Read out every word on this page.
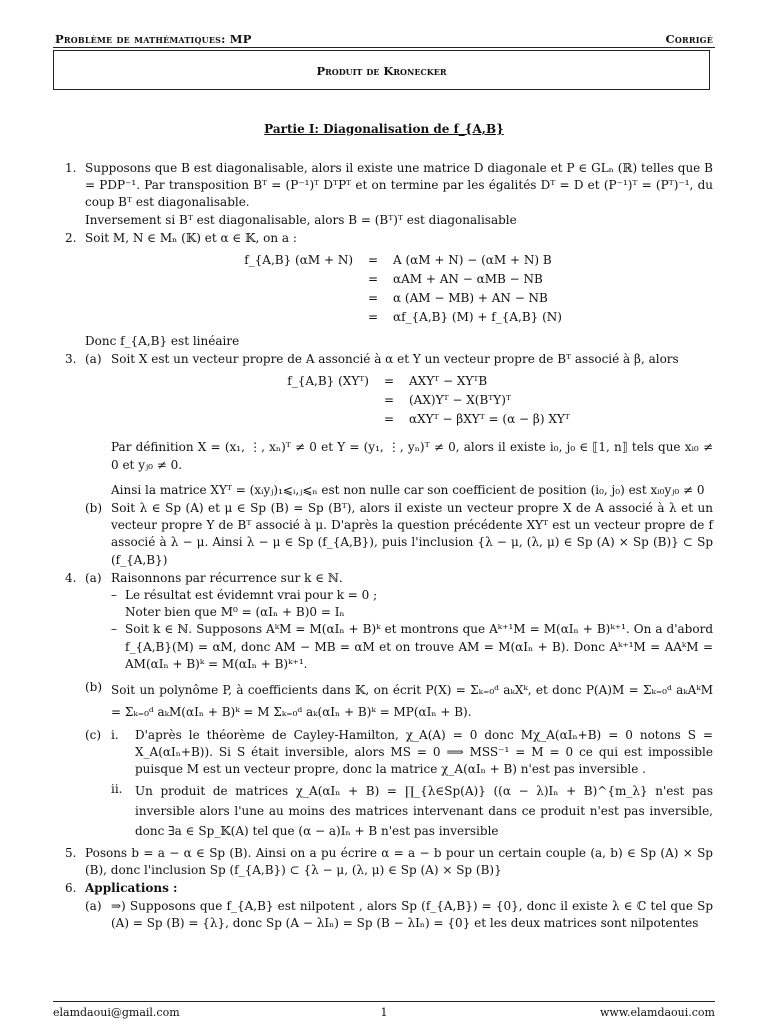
Problème de mathématiques: MP	Corrigé
Produit de Kronecker
Partie I: Diagonalisation de f_{A,B}
1. Supposons que B est diagonalisable, alors il existe une matrice D diagonale et P ∈ GLₙ (ℝ) telles que B = PDP⁻¹. Par transposition Bᵀ = (P⁻¹)ᵀ DᵀPᵀ et on termine par les égalités Dᵀ = D et (P⁻¹)ᵀ = (Pᵀ)⁻¹, du coup Bᵀ est diagonalisable.

Inversement si Bᵀ est diagonalisable, alors B = (Bᵀ)ᵀ est diagonalisable

2. Soit M, N ∈ Mₙ (𝕂) et α ∈ 𝕂, on a :

f_{A,B} (αM + N)	=	A (αM + N) − (αM + N) B
=	αAM + AN − αMB − NB
=	α (AM − MB) + AN − NB
=	αf_{A,B} (M) + f_{A,B} (N)

Donc f_{A,B} est linéaire

3. (a) Soit X est un vecteur propre de A assoncié à α et Y un vecteur propre de Bᵀ associé à β, alors

f_{A,B} (XYᵀ)	=	AXYᵀ − XYᵀB
=	(AX)Yᵀ − X(BᵀY)ᵀ
=	αXYᵀ − βXYᵀ = (α − β) XYᵀ

Par définition X = (x₁, ⋮, xₙ)ᵀ ≠ 0 et Y = (y₁, ⋮, yₙ)ᵀ ≠ 0, alors il existe i₀, j₀ ∈ ⟦1, n⟧ tels que xᵢ₀ ≠ 0 et yⱼ₀ ≠ 0.

Ainsi la matrice XYᵀ = (xᵢyⱼ)₁⩽ᵢ,ⱼ⩽ₙ est non nulle car son coefficient de position (i₀, j₀) est xᵢ₀yⱼ₀ ≠ 0

(b) Soit λ ∈ Sp (A) et μ ∈ Sp (B) = Sp (Bᵀ), alors il existe un vecteur propre X de A associé à λ et un vecteur propre Y de Bᵀ associé à μ. D'après la question précédente XYᵀ est un vecteur propre de f associé à λ − μ. Ainsi λ − μ ∈ Sp (f_{A,B}), puis l'inclusion {λ − μ, (λ, μ) ∈ Sp (A) × Sp (B)} ⊂ Sp (f_{A,B})

4. (a) Raisonnons par récurrence sur k ∈ ℕ.

– Le résultat est évidemnt vrai pour k = 0 ;

Noter bien que M⁰ = (αIₙ + B)0 = Iₙ

– Soit k ∈ ℕ. Supposons AᵏM = M(αIₙ + B)ᵏ et montrons que Aᵏ⁺¹M = M(αIₙ + B)ᵏ⁺¹. On a d'abord f_{A,B}(M) = αM, donc AM − MB = αM et on trouve AM = M(αIₙ + B). Donc Aᵏ⁺¹M = AAᵏM = AM(αIₙ + B)ᵏ = M(αIₙ + B)ᵏ⁺¹.

(b) Soit un polynôme P, à coefficients dans 𝕂, on écrit P(X) = Σₖ₌₀ᵈ aₖXᵏ, et donc P(A)M = Σₖ₌₀ᵈ aₖAᵏM = Σₖ₌₀ᵈ aₖM(αIₙ + B)ᵏ = M Σₖ₌₀ᵈ aₖ(αIₙ + B)ᵏ = MP(αIₙ + B).

(c) i. D'après le théorème de Cayley-Hamilton, χ_A(A) = 0 donc Mχ_A(αIₙ+B) = 0 notons S = X_A(αIₙ+B)). Si S était inversible, alors MS = 0 ⟹ MSS⁻¹ = M = 0 ce qui est impossible puisque M est un vecteur propre, donc la matrice χ_A(αIₙ + B) n'est pas inversible .

ii. Un produit de matrices χ_A(αIₙ + B) = ∏_{λ∈Sp(A)} ((α − λ)Iₙ + B)^{m_λ} n'est pas inversible alors l'une au moins des matrices intervenant dans ce produit n'est pas inversible, donc ∃a ∈ Sp_𝕂(A) tel que (α − a)Iₙ + B n'est pas inversible

5. Posons b = a − α ∈ Sp (B). Ainsi on a pu écrire α = a − b pour un certain couple (a, b) ∈ Sp (A) × Sp (B), donc l'inclusion Sp (f_{A,B}) ⊂ {λ − μ, (λ, μ) ∈ Sp (A) × Sp (B)}

6. Applications :

(a) ⇒) Supposons que f_{A,B} est nilpotent , alors Sp (f_{A,B}) = {0}, donc il existe λ ∈ ℂ tel que Sp (A) = Sp (B) = {λ}, donc Sp (A − λIₙ) = Sp (B − λIₙ) = {0} et les deux matrices sont nilpotentes

elamdaoui@gmail.com	1	www.elamdaoui.com
